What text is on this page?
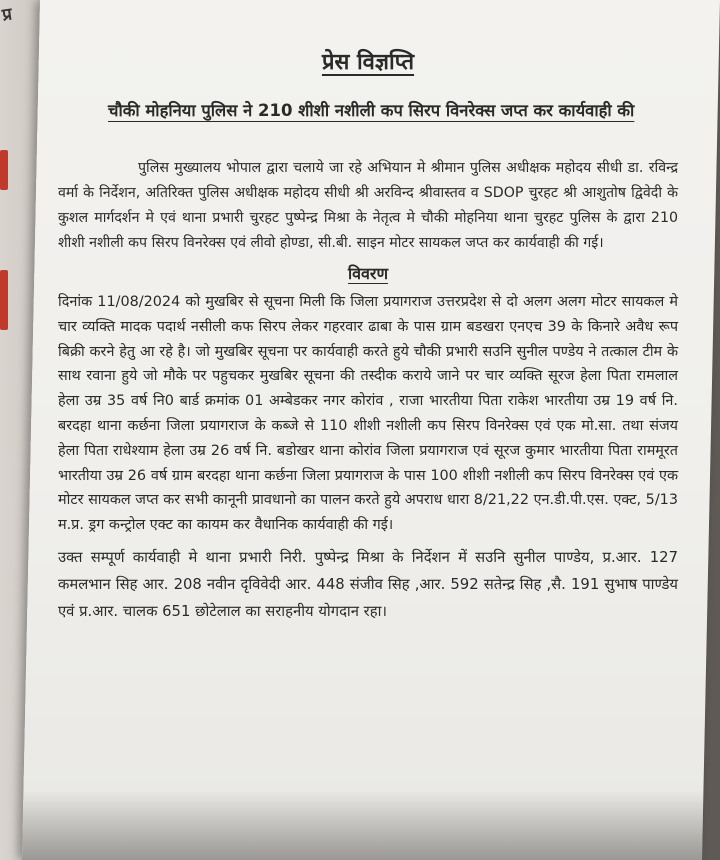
प्र
प्रेस विज्ञप्ति
चौकी मोहनिया पुलिस ने 210 शीशी नशीली कप सिरप विनरेक्स जप्त कर कार्यवाही की

पुलिस मुख्यालय भोपाल द्वारा चलाये जा रहे अभियान मे श्रीमान पुलिस अधीक्षक महोदय सीधी डा. रविन्द्र वर्मा के निर्देशन, अतिरिक्त पुलिस अधीक्षक महोदय सीधी श्री अरविन्द श्रीवास्तव व SDOP चुरहट श्री आशुतोष द्विवेदी के कुशल मार्गदर्शन मे एवं थाना प्रभारी चुरहट पुष्पेन्द्र मिश्रा के नेतृत्व मे चौकी मोहनिया थाना चुरहट पुलिस के द्वारा 210 शीशी नशीली कप सिरप विनरेक्स एवं लीवो होण्डा, सी.बी. साइन मोटर सायकल जप्त कर कार्यवाही की गई।

विवरण

दिनांक 11/08/2024 को मुखबिर से सूचना मिली कि जिला प्रयागराज उत्तरप्रदेश से दो अलग अलग मोटर सायकल मे चार व्यक्ति मादक पदार्थ नसीली कफ सिरप लेकर गहरवार ढाबा के पास ग्राम बडखरा एनएच 39 के किनारे अवैध रूप बिक्री करने हेतु आ रहे है। जो मुखबिर सूचना पर कार्यवाही करते हुये चौकी प्रभारी सउनि सुनील पण्डेय ने तत्काल टीम के साथ रवाना हुये जो मौके पर पहुचकर मुखबिर सूचना की तस्दीक कराये जाने पर चार व्यक्ति सूरज हेला पिता रामलाल हेला उम्र 35 वर्ष नि0 बार्ड क्रमांक 01 अम्बेडकर नगर कोरांव , राजा भारतीया पिता राकेश भारतीया उम्र 19 वर्ष नि. बरदहा थाना कर्छना जिला प्रयागराज के कब्जे से 110 शीशी नशीली कप सिरप विनरेक्स एवं एक मो.सा. तथा संजय हेला पिता राधेश्याम हेला उम्र 26 वर्ष नि. बडोखर थाना कोरांव जिला प्रयागराज एवं सूरज कुमार भारतीया पिता राममूरत भारतीया उम्र 26 वर्ष ग्राम बरदहा थाना कर्छना जिला प्रयागराज के पास 100 शीशी नशीली कप सिरप विनरेक्स एवं एक मोटर सायकल जप्त कर सभी कानूनी प्रावधानो का पालन करते हुये अपराध धारा 8/21,22 एन.डी.पी.एस. एक्ट, 5/13 म.प्र. ड्रग कन्ट्रोल एक्ट का कायम कर वैधानिक कार्यवाही की गई।

उक्त सम्पूर्ण कार्यवाही मे थाना प्रभारी निरी. पुष्पेन्द्र मिश्रा के निर्देशन में सउनि सुनील पाण्डेय, प्र.आर. 127 कमलभान सिह आर. 208 नवीन दृविवेदी आर. 448 संजीव सिह ,आर. 592 सतेन्द्र सिह ,सै. 191 सुभाष पाण्डेय एवं प्र.आर. चालक 651 छोटेलाल का सराहनीय योगदान रहा।
